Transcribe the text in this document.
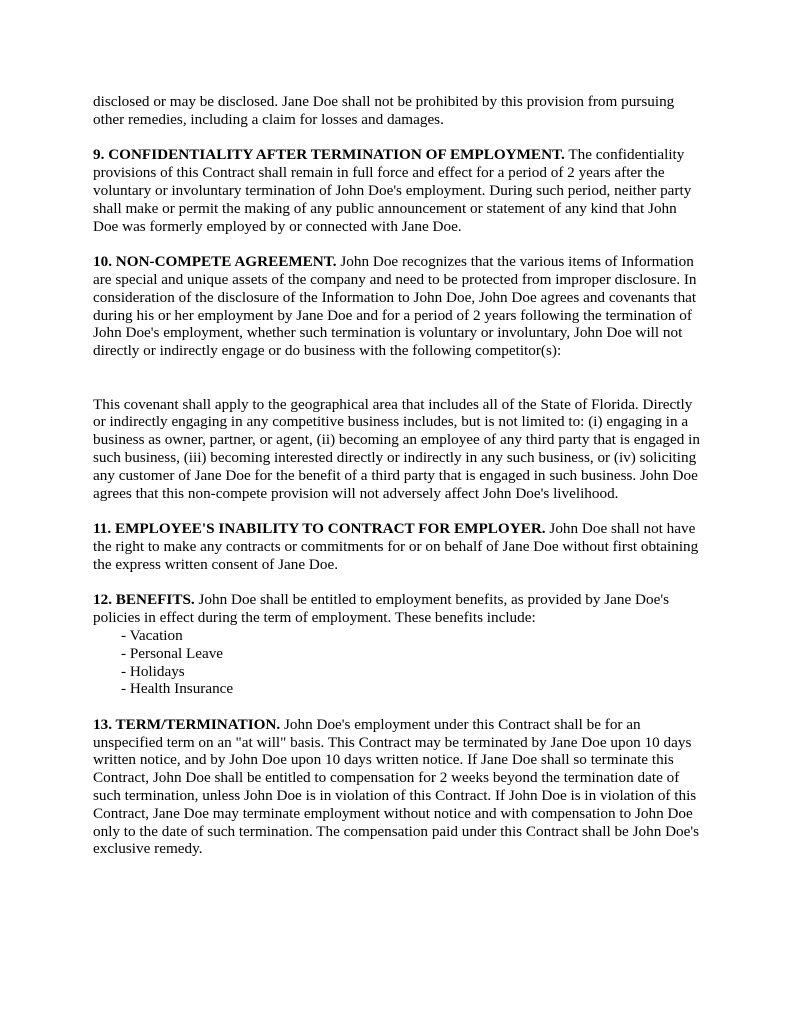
disclosed or may be disclosed. Jane Doe shall not be prohibited by this provision from pursuing other remedies, including a claim for losses and damages.

9. CONFIDENTIALITY AFTER TERMINATION OF EMPLOYMENT. The confidentiality provisions of this Contract shall remain in full force and effect for a period of 2 years after the voluntary or involuntary termination of John Doe's employment. During such period, neither party shall make or permit the making of any public announcement or statement of any kind that John Doe was formerly employed by or connected with Jane Doe.

10. NON-COMPETE AGREEMENT. John Doe recognizes that the various items of Information are special and unique assets of the company and need to be protected from improper disclosure. In consideration of the disclosure of the Information to John Doe, John Doe agrees and covenants that during his or her employment by Jane Doe and for a period of 2 years following the termination of John Doe's employment, whether such termination is voluntary or involuntary, John Doe will not directly or indirectly engage or do business with the following competitor(s):

This covenant shall apply to the geographical area that includes all of the State of Florida. Directly or indirectly engaging in any competitive business includes, but is not limited to: (i) engaging in a business as owner, partner, or agent, (ii) becoming an employee of any third party that is engaged in such business, (iii) becoming interested directly or indirectly in any such business, or (iv) soliciting any customer of Jane Doe for the benefit of a third party that is engaged in such business. John Doe agrees that this non-compete provision will not adversely affect John Doe's livelihood.

11. EMPLOYEE'S INABILITY TO CONTRACT FOR EMPLOYER. John Doe shall not have the right to make any contracts or commitments for or on behalf of Jane Doe without first obtaining the express written consent of Jane Doe.

12. BENEFITS. John Doe shall be entitled to employment benefits, as provided by Jane Doe's policies in effect during the term of employment. These benefits include:

- Vacation
- Personal Leave
- Holidays
- Health Insurance

13. TERM/TERMINATION. John Doe's employment under this Contract shall be for an unspecified term on an "at will" basis. This Contract may be terminated by Jane Doe upon 10 days written notice, and by John Doe upon 10 days written notice. If Jane Doe shall so terminate this Contract, John Doe shall be entitled to compensation for 2 weeks beyond the termination date of such termination, unless John Doe is in violation of this Contract. If John Doe is in violation of this Contract, Jane Doe may terminate employment without notice and with compensation to John Doe only to the date of such termination. The compensation paid under this Contract shall be John Doe's exclusive remedy.
